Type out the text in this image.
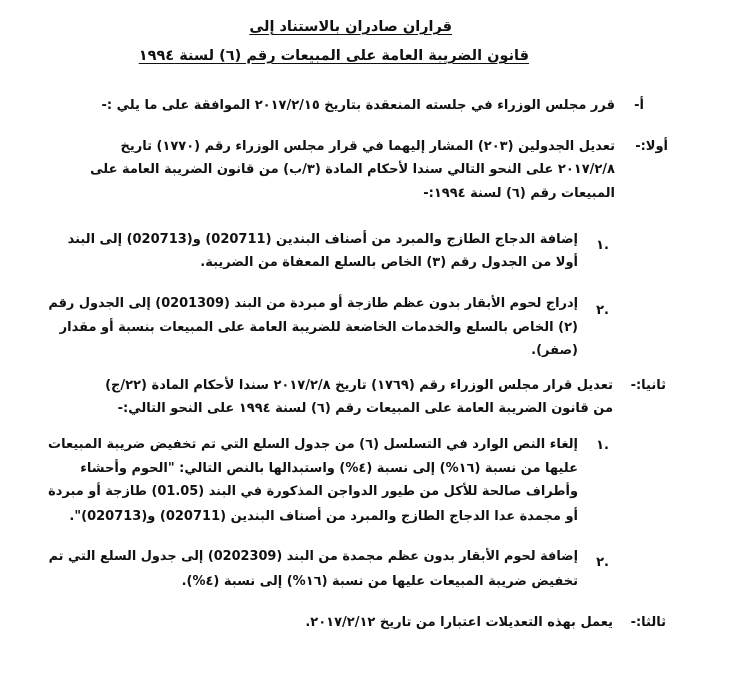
قراران صادران بالاستناد إلى
قانون الضريبة العامة على المبيعات رقم (٦) لسنة ١٩٩٤
أ-
قرر مجلس الوزراء في جلسته المنعقدة بتاريخ ٢٠١٧/٢/١٥ الموافقة على ما يلي :-
أولا:-
تعديل الجدولين (٢٠٣) المشار إليهما في قرار مجلس الوزراء رقم (١٧٧٠) تاريخ
٢٠١٧/٢/٨ على النحو التالي سندا لأحكام المادة (٣/ب) من قانون الضريبة العامة على
المبيعات رقم (٦) لسنة ١٩٩٤:-
.١
إضافة الدجاج الطازج والمبرد من أصناف البندين (020711) و(020713) إلى البند
أولا من الجدول رقم (٣) الخاص بالسلع المعفاة من الضريبة.
.٢
إدراج لحوم الأبقار بدون عظم طازجة أو مبردة من البند (0201309) إلى الجدول رقم
(٢) الخاص بالسلع والخدمات الخاضعة للضريبة العامة على المبيعات بنسبة أو مقدار
(صفر).
ثانيا:-
تعديل قرار مجلس الوزراء رقم (١٧٦٩) تاريخ ٢٠١٧/٢/٨ سندا لأحكام المادة (٢٢/ج)
من قانون الضريبة العامة على المبيعات رقم (٦) لسنة ١٩٩٤ على النحو التالي:-
.١
إلغاء النص الوارد في التسلسل (٦) من جدول السلع التي تم تخفيض ضريبة المبيعات
عليها من نسبة (١٦%) إلى نسبة (٤%) واستبدالها بالنص التالي: "الحوم وأحشاء
وأطراف صالحة للأكل من طيور الدواجن المذكورة في البند (01.05) طازجة أو مبردة
أو مجمدة عدا الدجاج الطازج والمبرد من أصناف البندين (020711) و(020713)".
.٢
إضافة لحوم الأبقار بدون عظم مجمدة من البند (0202309) إلى جدول السلع التي تم
تخفيض ضريبة المبيعات عليها من نسبة (١٦%) إلى نسبة (٤%).
ثالثا:-
يعمل بهذه التعديلات اعتبارا من تاريخ ٢٠١٧/٢/١٢.
